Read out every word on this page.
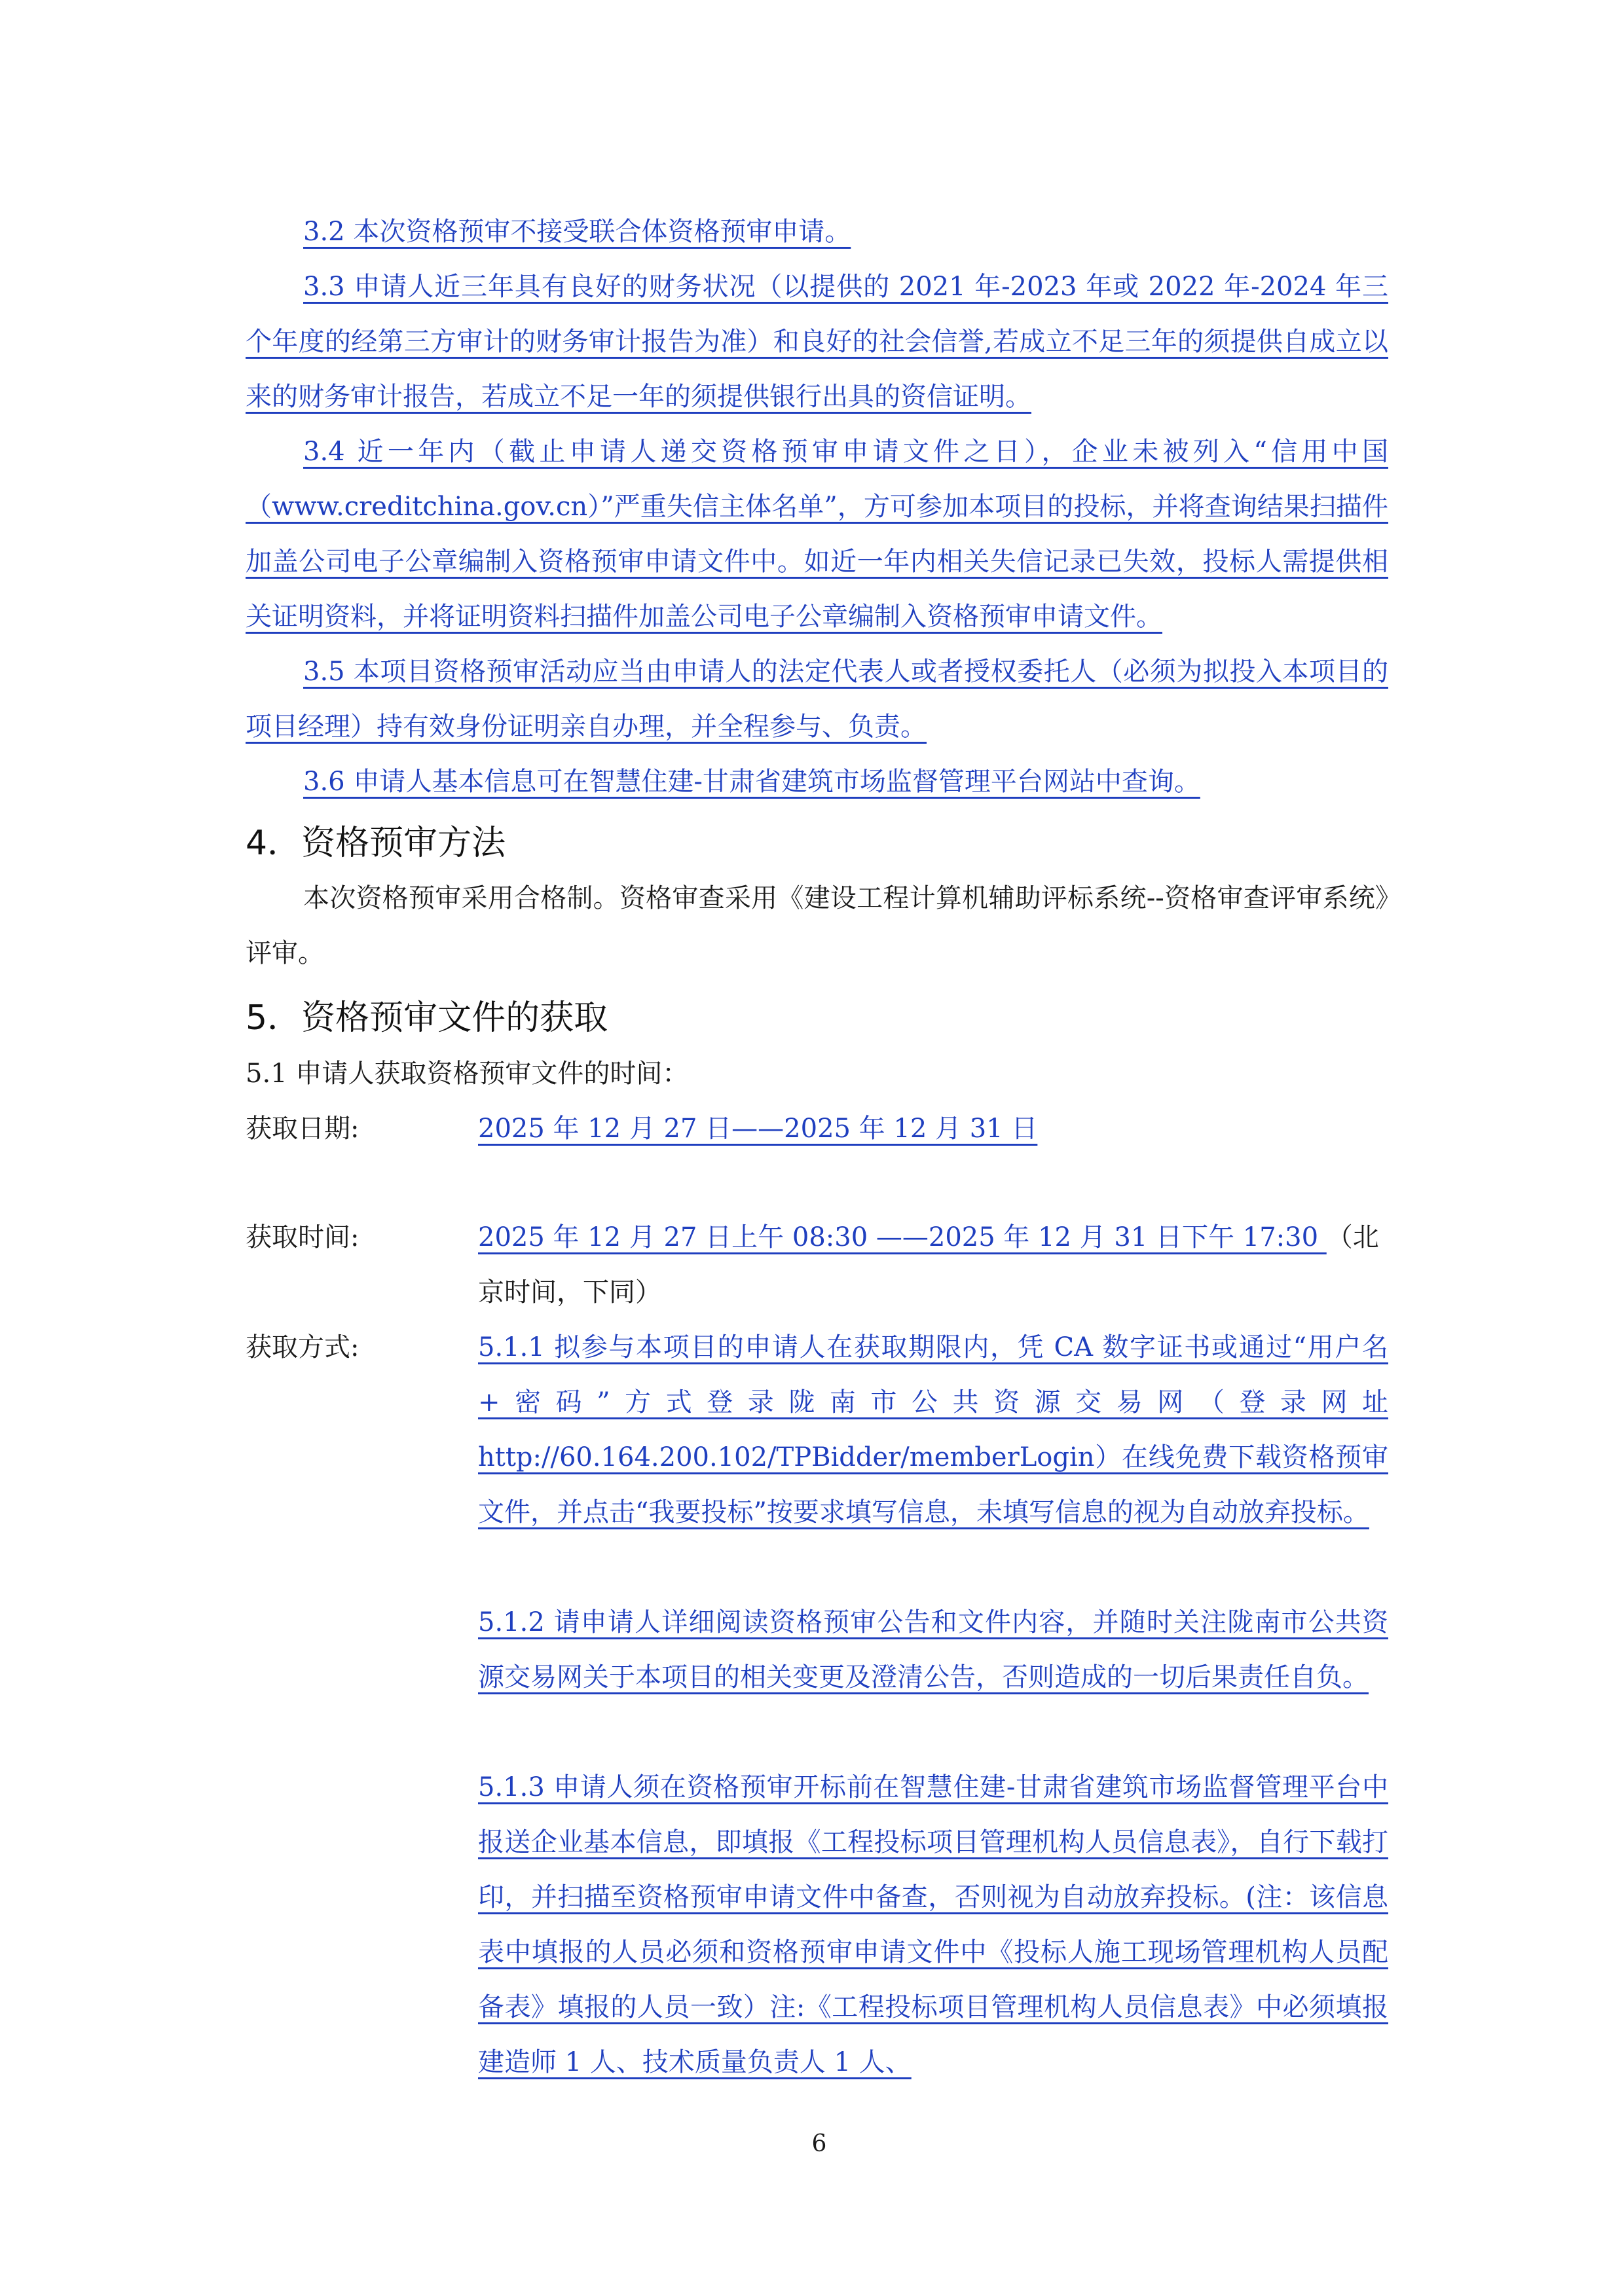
3.2 本次资格预审不接受联合体资格预审申请。
3.3 申请人近三年具有良好的财务状况（以提供的 2021 年-2023 年或 2022 年-2024 年三个年度的经第三方审计的财务审计报告为准）和良好的社会信誉,若成立不足三年的须提供自成立以来的财务审计报告，若成立不足一年的须提供银行出具的资信证明。
3.4 近一年内（截止申请人递交资格预审申请文件之日），企业未被列入“信用中国（www.creditchina.gov.cn）”严重失信主体名单”，方可参加本项目的投标，并将查询结果扫描件加盖公司电子公章编制入资格预审申请文件中。如近一年内相关失信记录已失效，投标人需提供相关证明资料，并将证明资料扫描件加盖公司电子公章编制入资格预审申请文件。
3.5 本项目资格预审活动应当由申请人的法定代表人或者授权委托人（必须为拟投入本项目的项目经理）持有效身份证明亲自办理，并全程参与、负责。
3.6 申请人基本信息可在智慧住建-甘肃省建筑市场监督管理平台网站中查询。
4．资格预审方法
本次资格预审采用合格制。资格审查采用《建设工程计算机辅助评标系统--资格审查评审系统》评审。
5．资格预审文件的获取
5.1 申请人获取资格预审文件的时间：
获取日期:	2025 年 12 月 27 日——2025 年 12 月 31 日
获取时间:	2025 年 12 月 27 日上午 08:30 ——2025 年 12 月 31 日下午 17:30 （北京时间，下同）
获取方式:	5.1.1 拟参与本项目的申请人在获取期限内，凭 CA 数字证书或通过“用户名+密码”方式登录陇南市公共资源交易网（登录网址 http://60.164.200.102/TPBidder/memberLogin）在线免费下载资格预审文件，并点击“我要投标”按要求填写信息，未填写信息的视为自动放弃投标。
5.1.2 请申请人详细阅读资格预审公告和文件内容，并随时关注陇南市公共资源交易网关于本项目的相关变更及澄清公告，否则造成的一切后果责任自负。
5.1.3 申请人须在资格预审开标前在智慧住建-甘肃省建筑市场监督管理平台中报送企业基本信息，即填报《工程投标项目管理机构人员信息表》，自行下载打印，并扫描至资格预审申请文件中备查，否则视为自动放弃投标。(注：该信息表中填报的人员必须和资格预审申请文件中《投标人施工现场管理机构人员配备表》填报的人员一致）注:《工程投标项目管理机构人员信息表》中必须填报建造师 1 人、技术质量负责人 1 人、
6
